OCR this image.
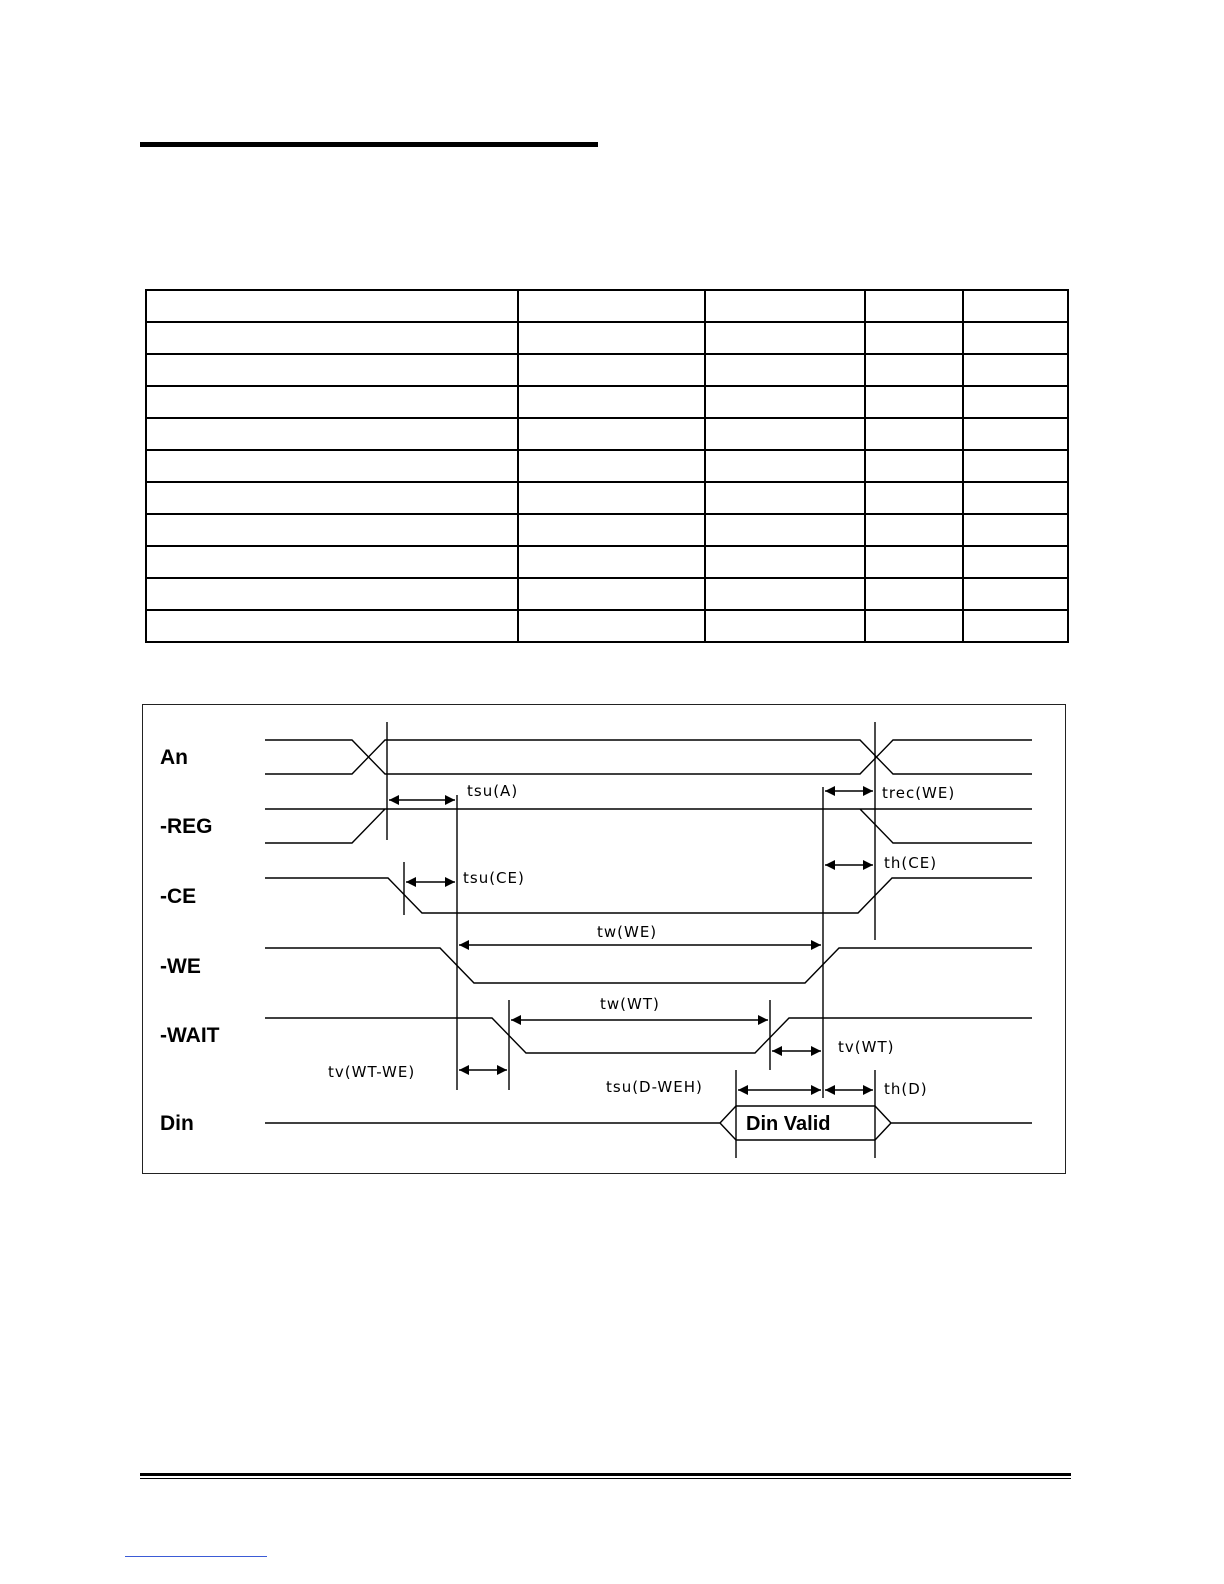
An
-REG
-CE
-WE
-WAIT
Din
tsu(A)	trec(WE)
tsu(CE)
th(CE)
tw(WE)
tw(WT)
tv(WT)
tv(WT-WE)
tsu(D-WEH)	th(D)
Din Valid
